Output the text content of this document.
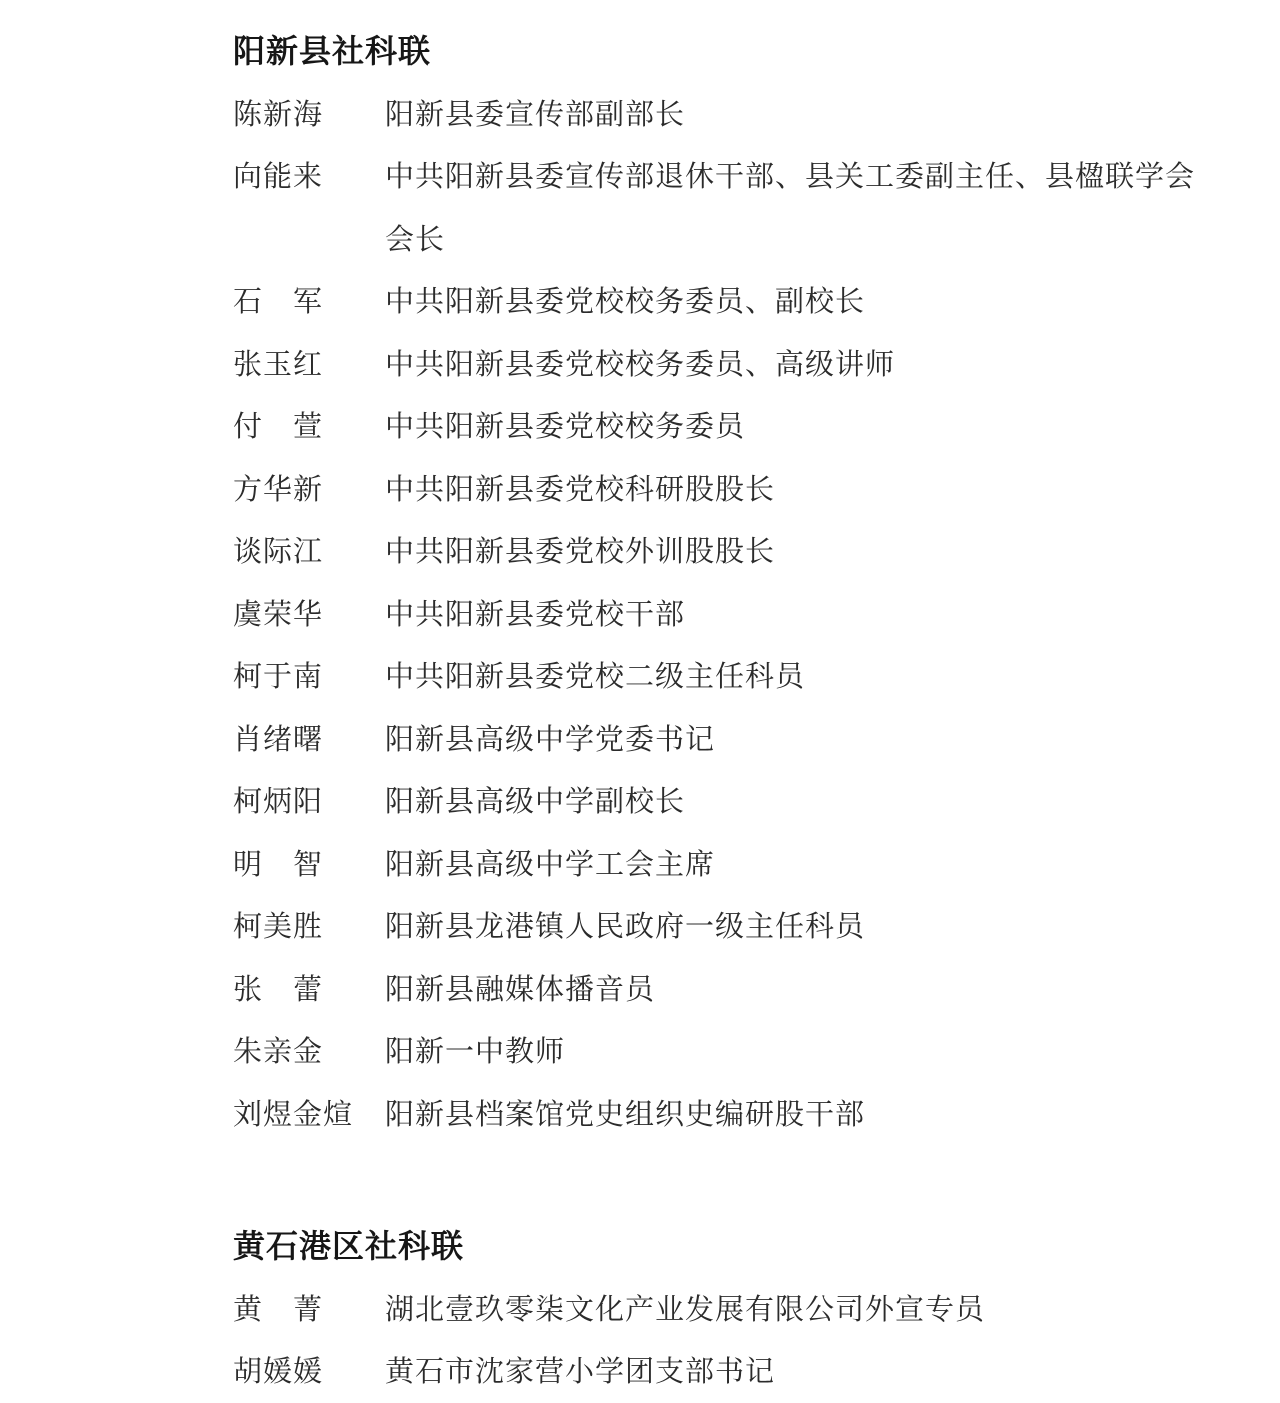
阳新县社科联
陈新海	阳新县委宣传部副部长
向能来	中共阳新县委宣传部退休干部、县关工委副主任、县楹联学会会长
石　军	中共阳新县委党校校务委员、副校长
张玉红	中共阳新县委党校校务委员、高级讲师
付　萱	中共阳新县委党校校务委员
方华新	中共阳新县委党校科研股股长
谈际江	中共阳新县委党校外训股股长
虞荣华	中共阳新县委党校干部
柯于南	中共阳新县委党校二级主任科员
肖绪曙	阳新县高级中学党委书记
柯炳阳	阳新县高级中学副校长
明　智	阳新县高级中学工会主席
柯美胜	阳新县龙港镇人民政府一级主任科员
张　蕾	阳新县融媒体播音员
朱亲金	阳新一中教师
刘煜金煊	阳新县档案馆党史组织史编研股干部
黄石港区社科联
黄　菁	湖北壹玖零柒文化产业发展有限公司外宣专员
胡媛媛	黄石市沈家营小学团支部书记
